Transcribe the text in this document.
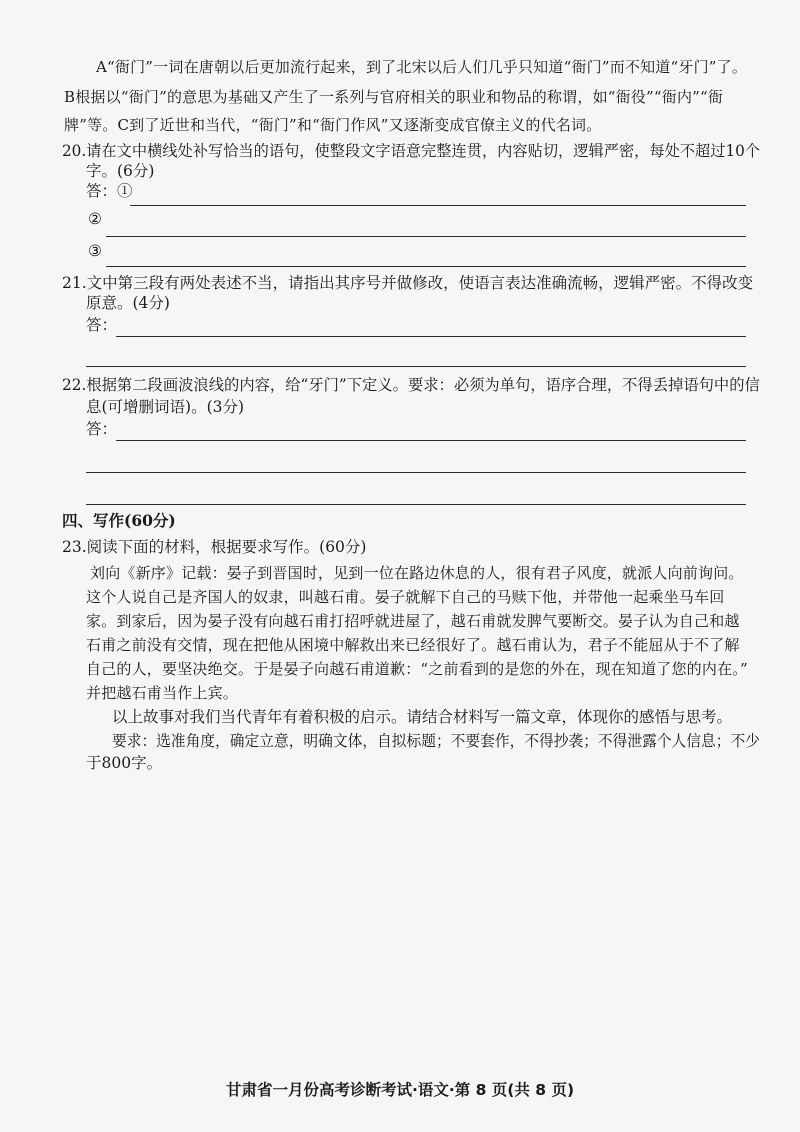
A“衙门”一词在唐朝以后更加流行起来，到了北宋以后人们几乎只知道“衙门”而不知道“牙门”了。
B根据以“衙门”的意思为基础又产生了一系列与官府相关的职业和物品的称谓，如“衙役”“衙内”“衙
牌”等。C到了近世和当代，“衙门”和“衙门作风”又逐渐变成官僚主义的代名词。
20.请在文中横线处补写恰当的语句，使整段文字语意完整连贯，内容贴切，逻辑严密，每处不超过10个
字。(6分)
答：①
②
③
21.文中第三段有两处表述不当，请指出其序号并做修改，使语言表达准确流畅，逻辑严密。不得改变
原意。(4分)
答：
22.根据第二段画波浪线的内容，给“牙门”下定义。要求：必须为单句，语序合理，不得丢掉语句中的信
息(可增删词语)。(3分)
答：
四、写作(60分)
23.阅读下面的材料，根据要求写作。(60分)
刘向《新序》记载：晏子到晋国时，见到一位在路边休息的人，很有君子风度，就派人向前询问。
这个人说自己是齐国人的奴隶，叫越石甫。晏子就解下自己的马赎下他，并带他一起乘坐马车回
家。到家后，因为晏子没有向越石甫打招呼就进屋了，越石甫就发脾气要断交。晏子认为自己和越
石甫之前没有交情，现在把他从困境中解救出来已经很好了。越石甫认为，君子不能屈从于不了解
自己的人，要坚决绝交。于是晏子向越石甫道歉：“之前看到的是您的外在，现在知道了您的内在。”
并把越石甫当作上宾。
以上故事对我们当代青年有着积极的启示。请结合材料写一篇文章，体现你的感悟与思考。
要求：选准角度，确定立意，明确文体，自拟标题；不要套作，不得抄袭；不得泄露个人信息；不少
于800字。
甘肃省一月份高考诊断考试·语文·第 8 页(共 8 页)
